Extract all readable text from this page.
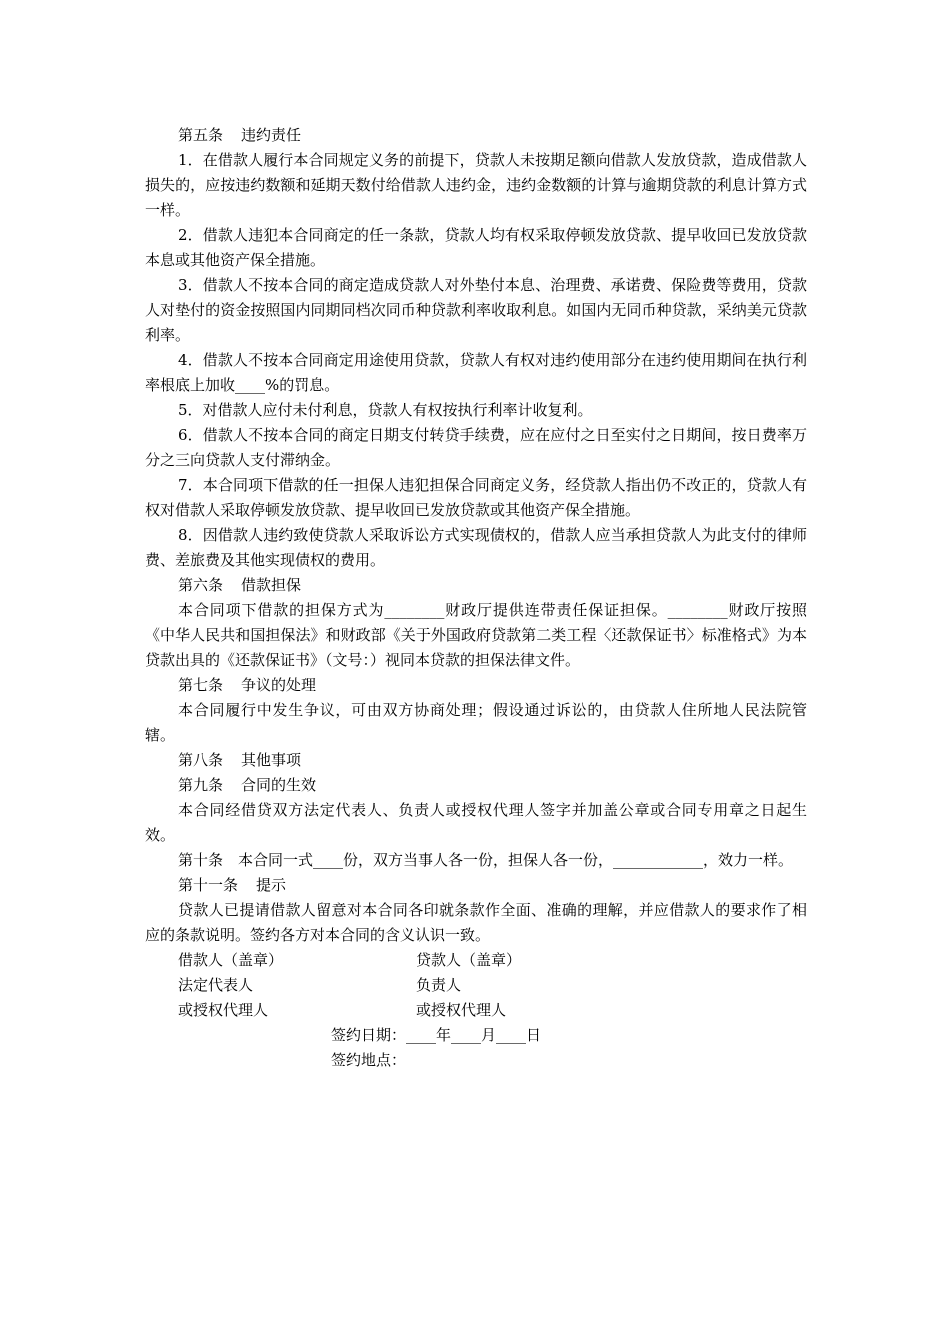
第五条 违约责任

1．在借款人履行本合同规定义务的前提下，贷款人未按期足额向借款人发放贷款，造成借款人损失的，应按违约数额和延期天数付给借款人违约金，违约金数额的计算与逾期贷款的利息计算方式一样。

2．借款人违犯本合同商定的任一条款，贷款人均有权采取停顿发放贷款、提早收回已发放贷款本息或其他资产保全措施。

3．借款人不按本合同的商定造成贷款人对外垫付本息、治理费、承诺费、保险费等费用，贷款人对垫付的资金按照国内同期同档次同币种贷款利率收取利息。如国内无同币种贷款，采纳美元贷款利率。

4．借款人不按本合同商定用途使用贷款，贷款人有权对违约使用部分在违约使用期间在执行利率根底上加收____%的罚息。

5．对借款人应付未付利息，贷款人有权按执行利率计收复利。

6．借款人不按本合同的商定日期支付转贷手续费，应在应付之日至实付之日期间，按日费率万分之三向贷款人支付滞纳金。

7．本合同项下借款的任一担保人违犯担保合同商定义务，经贷款人指出仍不改正的，贷款人有权对借款人采取停顿发放贷款、提早收回已发放贷款或其他资产保全措施。

8．因借款人违约致使贷款人采取诉讼方式实现债权的，借款人应当承担贷款人为此支付的律师费、差旅费及其他实现债权的费用。

第六条 借款担保

本合同项下借款的担保方式为________财政厅提供连带责任保证担保。________财政厅按照《中华人民共和国担保法》和财政部《关于外国政府贷款第二类工程〈还款保证书〉标准格式》为本贷款出具的《还款保证书》（文号：）视同本贷款的担保法律文件。

第七条 争议的处理

本合同履行中发生争议，可由双方协商处理；假设通过诉讼的，由贷款人住所地人民法院管辖。

第八条 其他事项

第九条 合同的生效

本合同经借贷双方法定代表人、负责人或授权代理人签字并加盖公章或合同专用章之日起生效。

第十条　本合同一式____份，双方当事人各一份，担保人各一份，____________，效力一样。

第十一条 提示

贷款人已提请借款人留意对本合同各印就条款作全面、准确的理解，并应借款人的要求作了相应的条款说明。签约各方对本合同的含义认识一致。

借款人（盖章）	贷款人（盖章）
法定代表人	负责人
或授权代理人	或授权代理人
签约日期：____年____月____日
签约地点：
